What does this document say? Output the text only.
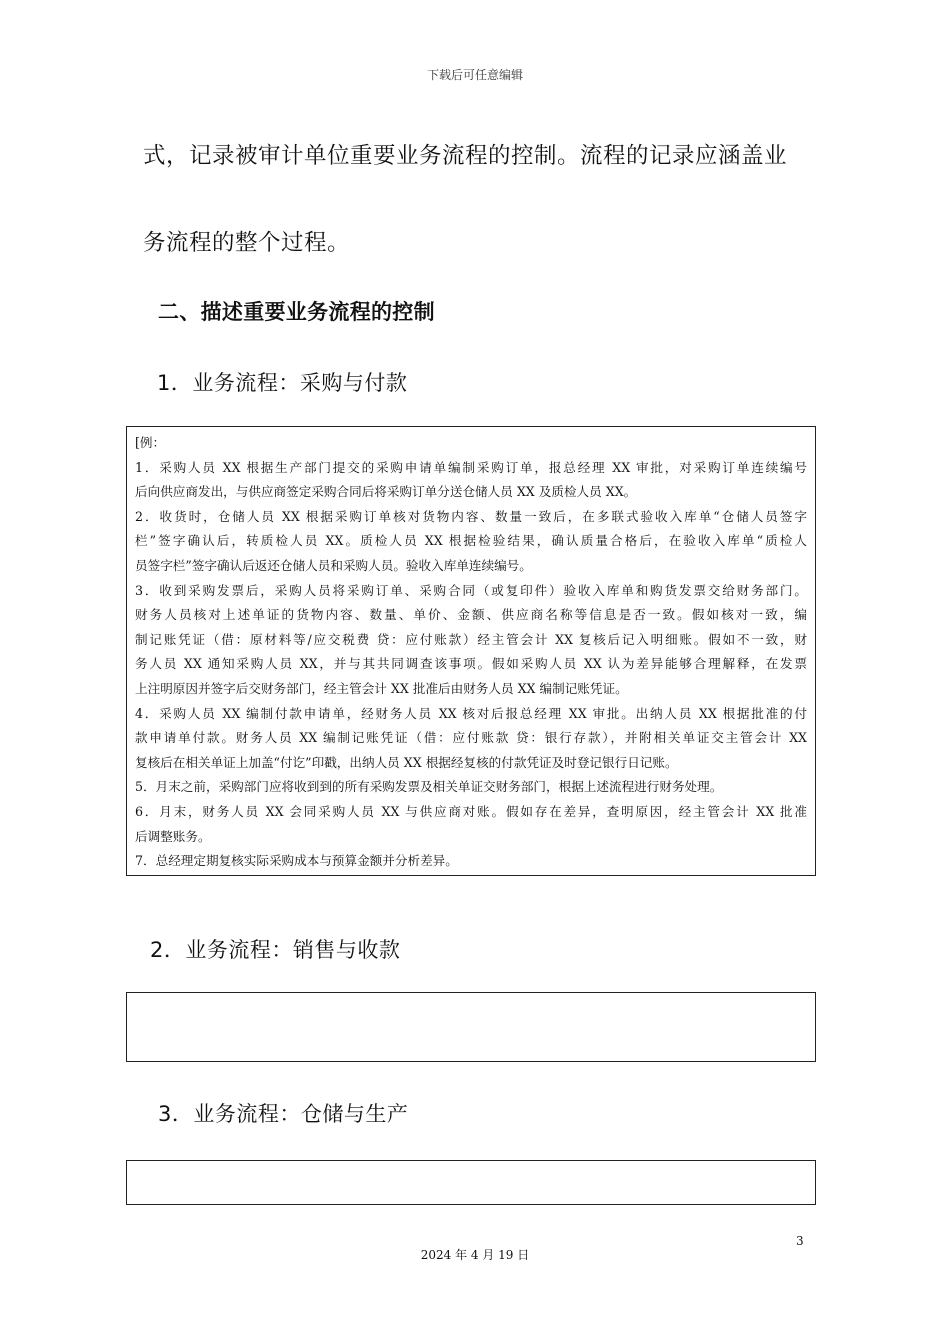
下载后可任意编辑
式，记录被审计单位重要业务流程的控制。流程的记录应涵盖业
务流程的整个过程。
二、描述重要业务流程的控制
1．业务流程：采购与付款
[例：
1．采购人员 XX 根据生产部门提交的采购申请单编制采购订单，报总经理 XX 审批，对采购订单连续编号
后向供应商发出，与供应商签定采购合同后将采购订单分送仓储人员 XX 及质检人员 XX。
2．收货时，仓储人员 XX 根据采购订单核对货物内容、数量一致后，在多联式验收入库单“仓储人员签字
栏”签字确认后，转质检人员 XX。质检人员 XX 根据检验结果，确认质量合格后，在验收入库单“质检人
员签字栏”签字确认后返还仓储人员和采购人员。验收入库单连续编号。
3．收到采购发票后，采购人员将采购订单、采购合同（或复印件）验收入库单和购货发票交给财务部门。
财务人员核对上述单证的货物内容、数量、单价、金额、供应商名称等信息是否一致。假如核对一致，编
制记账凭证（借：原材料等/应交税费 贷：应付账款）经主管会计 XX 复核后记入明细账。假如不一致，财
务人员 XX 通知采购人员 XX，并与其共同调查该事项。假如采购人员 XX 认为差异能够合理解释，在发票
上注明原因并签字后交财务部门，经主管会计 XX 批准后由财务人员 XX 编制记账凭证。
4．采购人员 XX 编制付款申请单，经财务人员 XX 核对后报总经理 XX 审批。出纳人员 XX 根据批准的付
款申请单付款。财务人员 XX 编制记账凭证（借：应付账款 贷：银行存款），并附相关单证交主管会计 XX
复核后在相关单证上加盖“付讫”印戳，出纳人员 XX 根据经复核的付款凭证及时登记银行日记账。
5．月末之前，采购部门应将收到到的所有采购发票及相关单证交财务部门，根据上述流程进行财务处理。
6．月末，财务人员 XX 会同采购人员 XX 与供应商对账。假如存在差异，查明原因，经主管会计 XX 批准
后调整账务。
7．总经理定期复核实际采购成本与预算金额并分析差异。
2．业务流程：销售与收款
3．业务流程：仓储与生产
3
2024 年 4 月 19 日
